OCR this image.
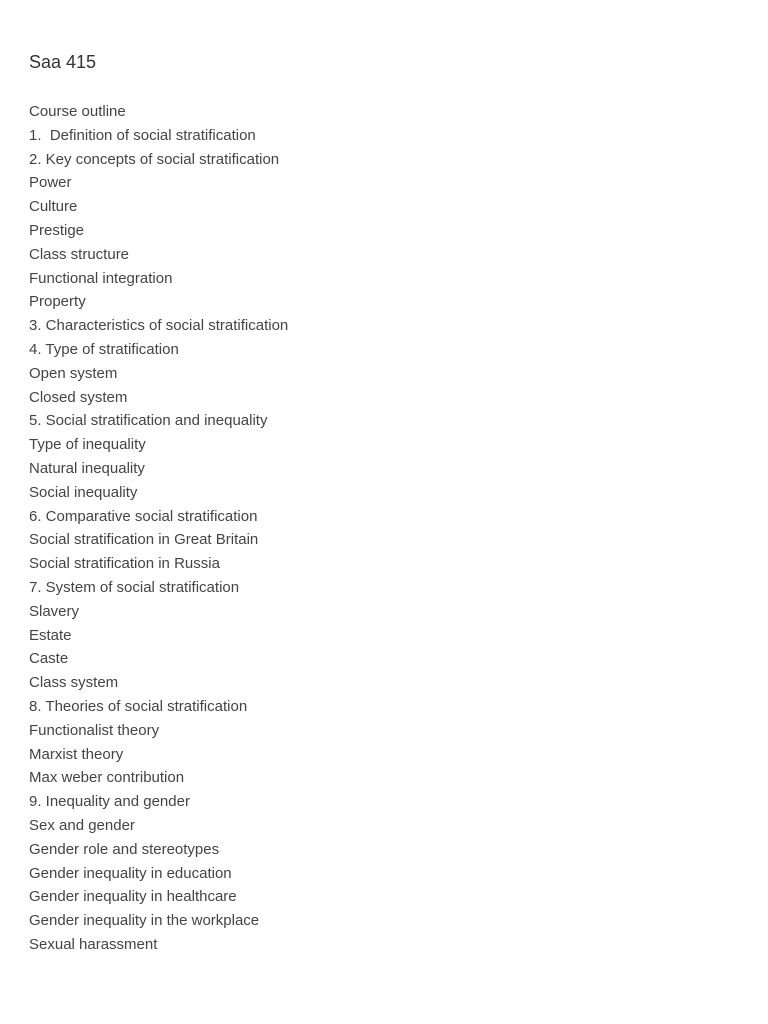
Saa 415
Course outline
1.  Definition of social stratification
2. Key concepts of social stratification
Power
Culture
Prestige
Class structure
Functional integration
Property
3. Characteristics of social stratification
4. Type of stratification
Open system
Closed system
5. Social stratification and inequality
Type of inequality
Natural inequality
Social inequality
6. Comparative social stratification
Social stratification in Great Britain
Social stratification in Russia
7. System of social stratification
Slavery
Estate
Caste
Class system
8. Theories of social stratification
Functionalist theory
Marxist theory
Max weber contribution
9. Inequality and gender
Sex and gender
Gender role and stereotypes
Gender inequality in education
Gender inequality in healthcare
Gender inequality in the workplace
Sexual harassment
